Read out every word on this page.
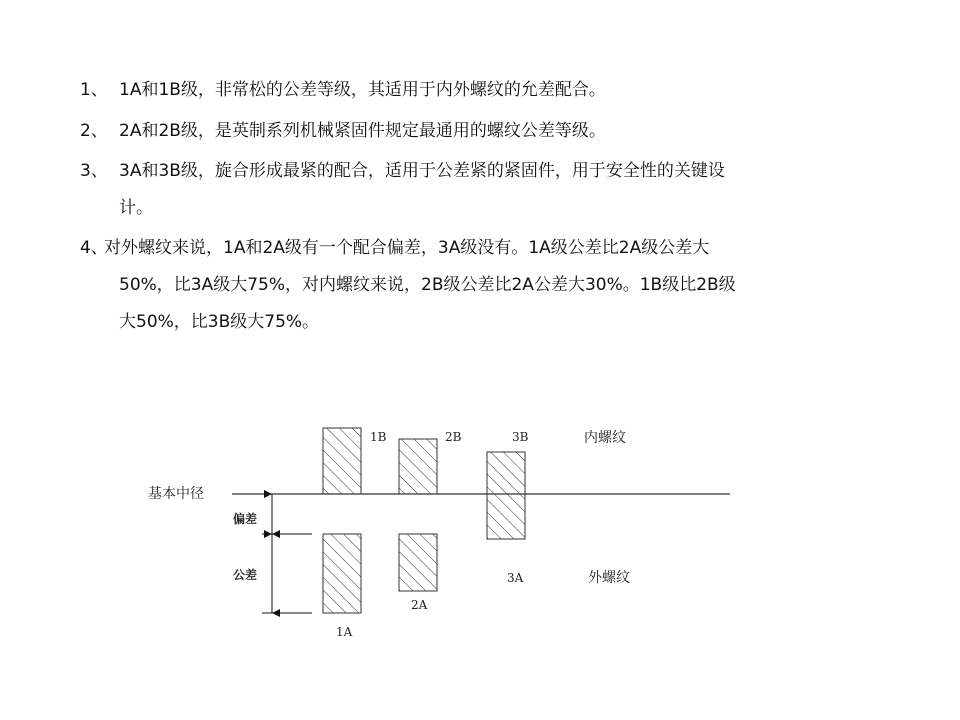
1、 1A和1B级，非常松的公差等级，其适用于内外螺纹的允差配合。
2、 2A和2B级，是英制系列机械紧固件规定最通用的螺纹公差等级。
3、 3A和3B级，旋合形成最紧的配合，适用于公差紧的紧固件，用于安全性的关键设
计。
4、
对外螺纹来说，1A和2A级有一个配合偏差，3A级没有。1A级公差比2A级公差大
50%，比3A级大75%，对内螺纹来说，2B级公差比2A公差大30%。1B级比2B级
大50%，比3B级大75%。
基本中径
1B	2B	3B
1A
2A
3A
内螺纹
外螺纹
偏差
公差
